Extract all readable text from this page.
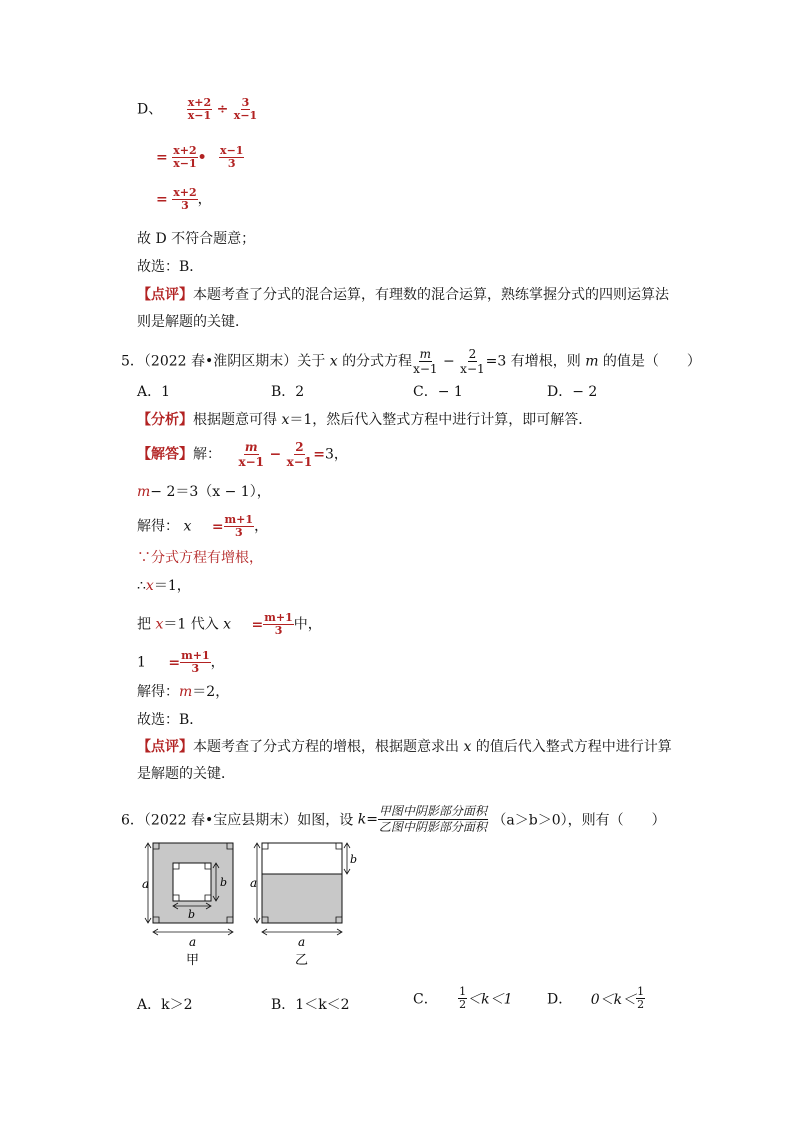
D、 $\frac{x+2}{x-1} \div \frac{3}{x-1}$
= $\frac{x+2}{x-1}$ • $\frac{x-1}{3}$
= $\frac{x+2}{3}$ ，
故 D 不符合题意；
故选：B．
【点评】本题考查了分式的混合运算，有理数的混合运算，熟练掌握分式的四则运算法
则是解题的关键．
5．（2022 春•淮阴区期末）关于 x 的分式方程 $\frac{m}{x-1} - \frac{2}{x-1} =3$ 有增根，则 m 的值是（　　）
A．1	B．2	C．− 1	D．− 2
【分析】根据题意可得 x＝1，然后代入整式方程中进行计算，即可解答．
【解答】解： $\frac{m}{x-1} - \frac{2}{x-1} =3$，
m− 2＝3（x − 1），
解得： $x = \frac{m+1}{3}$ ，
∵分式方程有增根，
∴x＝1，
把 x＝1 代入 $x = \frac{m+1}{3}$ 中，
$1 = \frac{m+1}{3}$ ，
解得：m＝2，
故选：B．
【点评】本题考查了分式方程的增根，根据题意求出 x 的值后代入整式方程中进行计算
是解题的关键．
6．（2022 春•宝应县期末）如图，设 $k= \frac{\text{甲图中阴影部分面积}}{\text{乙图中阴影部分面积}} (a>b>0)$，则有（　　）
a
a
b
b
a
a
b
甲	乙
A．k＞2	B．1＜k＜2	C． $\frac{1}{2} <k<1$ D． $0<k< \frac{1}{2}$
